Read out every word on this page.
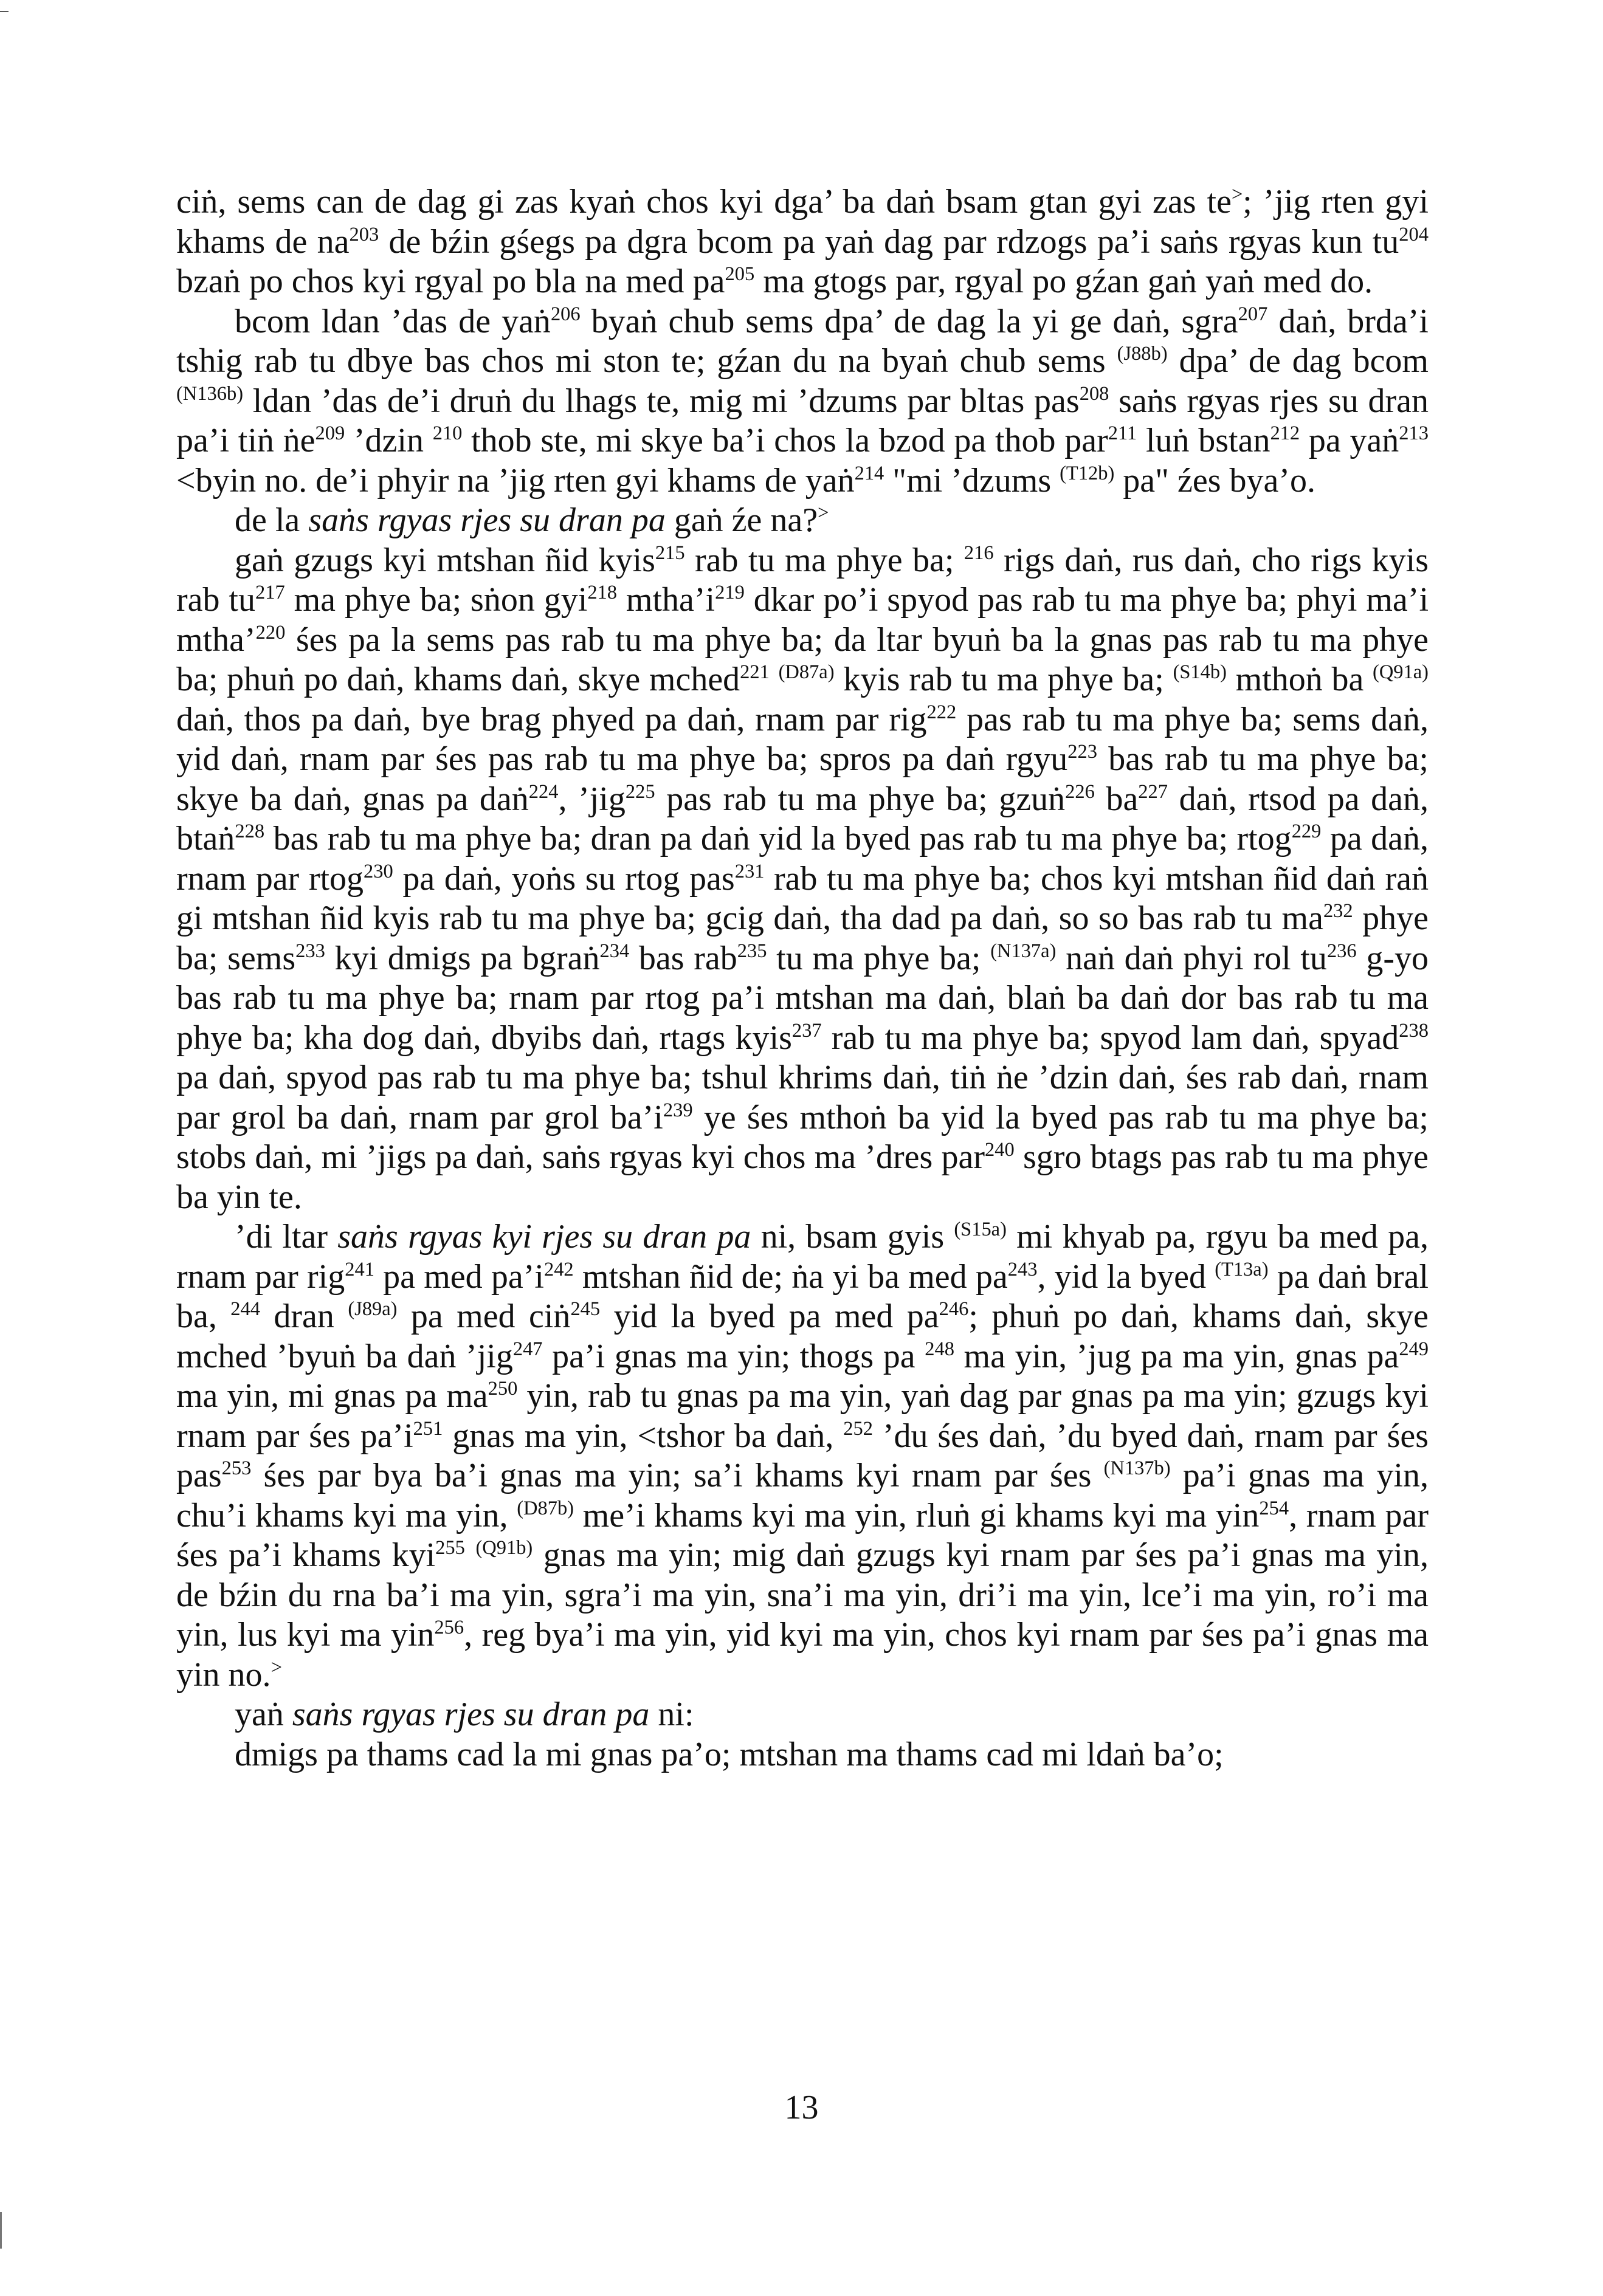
ciṅ, sems can de dag gi zas kyaṅ chos kyi dga’ ba daṅ bsam gtan gyi zas te>; ’jig rten gyi khams de $na^{203}$ de bźin gśegs pa dgra bcom pa yaṅ dag par rdzogs pa’i saṅs rgyas kun $tu^{204}$ bzaṅ po chos kyi rgyal po bla na med $pa^{205}$ ma gtogs par, rgyal po gźan gaṅ yaṅ med do.

bcom ldan ’das de yaṅ$^{206}$ byaṅ chub sems dpa’ de dag la yi ge daṅ, sgra$^{207}$ daṅ, brda’i tshig rab tu dbye bas chos mi ston te; gźan du na byaṅ chub sems $^{(J88b)}$ dpa’ de dag bcom $^{(N136b)}$ ldan ’das de’i druṅ du lhags te, mig mi ’dzums par bltas pas$^{208}$ saṅs rgyas rjes su dran pa’i tiṅ ṅe$^{209}$ ’dzin $^{210}$ thob ste, mi skye ba’i chos la bzod pa thob par$^{211}$ luṅ bstan$^{212}$ pa yaṅ$^{213}$ <byin no. de’i phyir na ’jig rten gyi khams de yaṅ$^{214}$ "mi ’dzums $^{(T12b)}$ pa" źes bya’o.

de la saṅs rgyas rjes su dran pa gaṅ źe na?>

gaṅ gzugs kyi mtshan ñid kyis$^{215}$ rab tu ma phye ba; $^{216}$ rigs daṅ, rus daṅ, cho rigs kyis rab $tu^{217}$ ma phye ba; sṅon gyi$^{218}$ $mtha’i^{219}$ dkar po’i spyod pas rab tu ma phye ba; phyi ma’i mtha’$^{220}$ śes pa la sems pas rab tu ma phye ba; da ltar byuṅ ba la gnas pas rab tu ma phye ba; phuṅ po daṅ, khams daṅ, skye mched$^{221}$ $^{(D87a)}$ kyis rab tu ma phye ba; $^{(S14b)}$ mthoṅ ba $^{(Q91a)}$ daṅ, thos pa daṅ, bye brag phyed pa daṅ, rnam par rig$^{222}$ pas rab tu ma phye ba; sems daṅ, yid daṅ, rnam par śes pas rab tu ma phye ba; spros pa daṅ rgyu$^{223}$ bas rab tu ma phye ba; skye ba daṅ, gnas pa daṅ$^{224}$, ’jig$^{225}$ pas rab tu ma phye ba; gzuṅ$^{226}$ $ba^{227}$ daṅ, rtsod pa daṅ, btaṅ$^{228}$ bas rab tu ma phye ba; dran pa daṅ yid la byed pas rab tu ma phye ba; rtog$^{229}$ pa daṅ, rnam par rtog$^{230}$ pa daṅ, yoṅs su rtog pas$^{231}$ rab tu ma phye ba; chos kyi mtshan ñid daṅ raṅ gi mtshan ñid kyis rab tu ma phye ba; gcig daṅ, tha dad pa daṅ, so so bas rab tu $ma^{232}$ phye ba; sems$^{233}$ kyi dmigs pa bgraṅ$^{234}$ bas rab$^{235}$ tu ma phye ba; $^{(N137a)}$ naṅ daṅ phyi rol $tu^{236}$ g-yo bas rab tu ma phye ba; rnam par rtog pa’i mtshan ma daṅ, blaṅ ba daṅ dor bas rab tu ma phye ba; kha dog daṅ, dbyibs daṅ, rtags kyis$^{237}$ rab tu ma phye ba; spyod lam daṅ, spyad$^{238}$ pa daṅ, spyod pas rab tu ma phye ba; tshul khrims daṅ, tiṅ ṅe ’dzin daṅ, śes rab daṅ, rnam par grol ba daṅ, rnam par grol $ba’i^{239}$ ye śes mthoṅ ba yid la byed pas rab tu ma phye ba; stobs daṅ, mi ’jigs pa daṅ, saṅs rgyas kyi chos ma ’dres par$^{240}$ sgro btags pas rab tu ma phye ba yin te.

’di ltar saṅs rgyas kyi rjes su dran pa ni, bsam gyis $^{(S15a)}$ mi khyab pa, rgyu ba med pa, rnam par rig$^{241}$ pa med $pa’i^{242}$ mtshan ñid de; ṅa yi ba med $pa^{243}$, yid la byed $^{(T13a)}$ pa daṅ bral ba, $^{244}$ dran $^{(J89a)}$ pa med ciṅ$^{245}$ yid la byed pa med $pa^{246}$; phuṅ po daṅ, khams daṅ, skye mched ’byuṅ ba daṅ ’jig$^{247}$ pa’i gnas ma yin; thogs pa $^{248}$ ma yin, ’jug pa ma yin, gnas $pa^{249}$ ma yin, mi gnas pa $ma^{250}$ yin, rab tu gnas pa ma yin, yaṅ dag par gnas pa ma yin; gzugs kyi rnam par śes $pa’i^{251}$ gnas ma yin, <tshor ba daṅ, $^{252}$ ’du śes daṅ, ’du byed daṅ, rnam par śes pas$^{253}$ śes par bya ba’i gnas ma yin; sa’i khams kyi rnam par śes $^{(N137b)}$ pa’i gnas ma yin, chu’i khams kyi ma yin, $^{(D87b)}$ me’i khams kyi ma yin, rluṅ gi khams kyi ma yin$^{254}$, rnam par śes pa’i khams kyi$^{255}$ $^{(Q91b)}$ gnas ma yin; mig daṅ gzugs kyi rnam par śes pa’i gnas ma yin, de bźin du rna ba’i ma yin, sgra’i ma yin, sna’i ma yin, dri’i ma yin, lce’i ma yin, ro’i ma yin, lus kyi ma yin$^{256}$, reg bya’i ma yin, yid kyi ma yin, chos kyi rnam par śes pa’i gnas ma yin no.>

yaṅ saṅs rgyas rjes su dran pa ni:

dmigs pa thams cad la mi gnas pa’o; mtshan ma thams cad mi ldaṅ ba’o;

13
